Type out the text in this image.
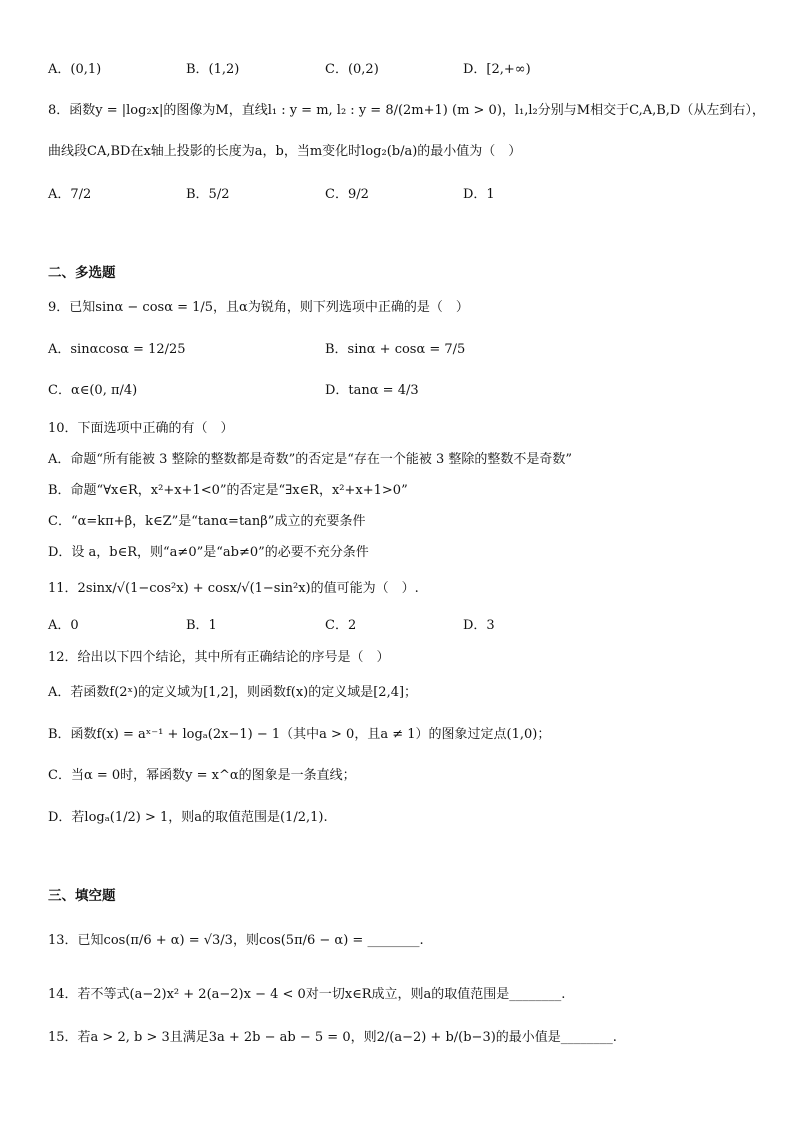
A．(0,1)	B．(1,2)	C．(0,2)	D．[2,+∞)
8．函数y = |log₂x|的图像为M，直线l₁ : y = m, l₂ : y = 8/(2m+1) (m > 0)，l₁,l₂分别与M相交于C,A,B,D（从左到右），
曲线段CA,BD在x轴上投影的长度为a，b，当m变化时log₂(b/a)的最小值为（　）
A．7/2	B．5/2	C．9/2	D．1
二、多选题
9．已知sinα − cosα = 1/5，且α为锐角，则下列选项中正确的是（　）
A．sinαcosα = 12/25	B．sinα + cosα = 7/5
C．α∈(0, π/4)	D．tanα = 4/3
10．下面选项中正确的有（　）
A．命题“所有能被 3 整除的整数都是奇数”的否定是“存在一个能被 3 整除的整数不是奇数”
B．命题“∀x∈R，x²+x+1<0”的否定是“∃x∈R，x²+x+1>0”
C．“α=kπ+β，k∈Z”是“tanα=tanβ”成立的充要条件
D．设 a，b∈R，则“a≠0”是“ab≠0”的必要不充分条件
11．2sinx/√(1−cos²x) + cosx/√(1−sin²x)的值可能为（　）.
A．0	B．1	C．2	D．3
12．给出以下四个结论，其中所有正确结论的序号是（　）
A．若函数f(2ˣ)的定义域为[1,2]，则函数f(x)的定义域是[2,4]；
B．函数f(x) = aˣ⁻¹ + logₐ(2x−1) − 1（其中a > 0，且a ≠ 1）的图象过定点(1,0)；
C．当α = 0时，幂函数y = x^α的图象是一条直线；
D．若logₐ(1/2) > 1，则a的取值范围是(1/2,1).
三、填空题
13．已知cos(π/6 + α) = √3/3，则cos(5π/6 − α) = ________.
14．若不等式(a−2)x² + 2(a−2)x − 4 < 0对一切x∈R成立，则a的取值范围是________.
15．若a > 2, b > 3且满足3a + 2b − ab − 5 = 0，则2/(a−2) + b/(b−3)的最小值是________.
